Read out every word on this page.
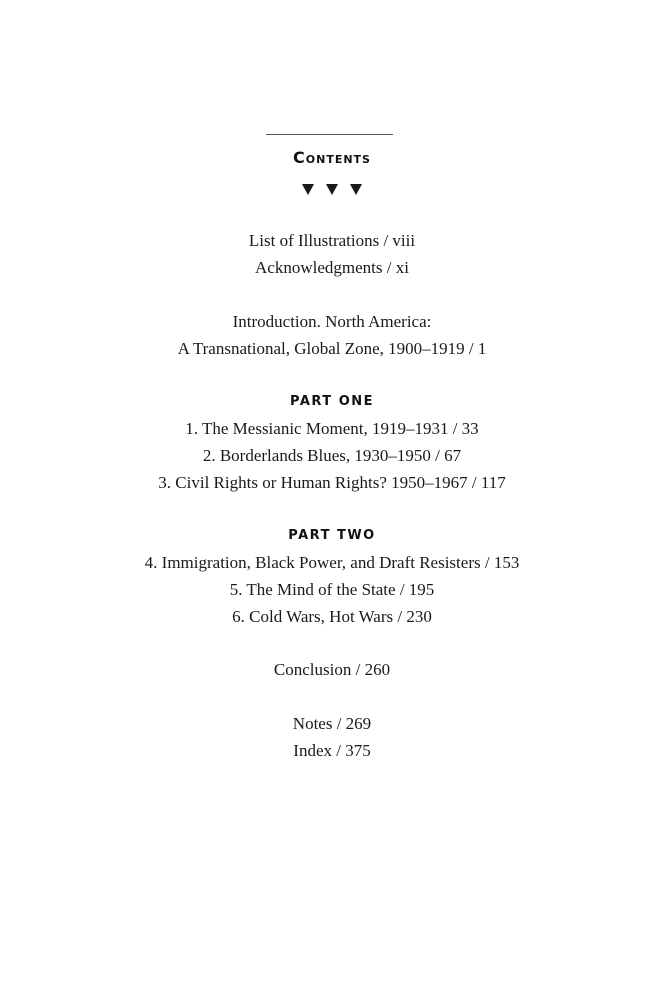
Contents
List of Illustrations / viii
Acknowledgments / xi
Introduction. North America:
A Transnational, Global Zone, 1900–1919 / 1
PART ONE
1. The Messianic Moment, 1919–1931 / 33
2. Borderlands Blues, 1930–1950 / 67
3. Civil Rights or Human Rights? 1950–1967 / 117
PART TWO
4. Immigration, Black Power, and Draft Resisters / 153
5. The Mind of the State / 195
6. Cold Wars, Hot Wars / 230
Conclusion / 260
Notes / 269
Index / 375
